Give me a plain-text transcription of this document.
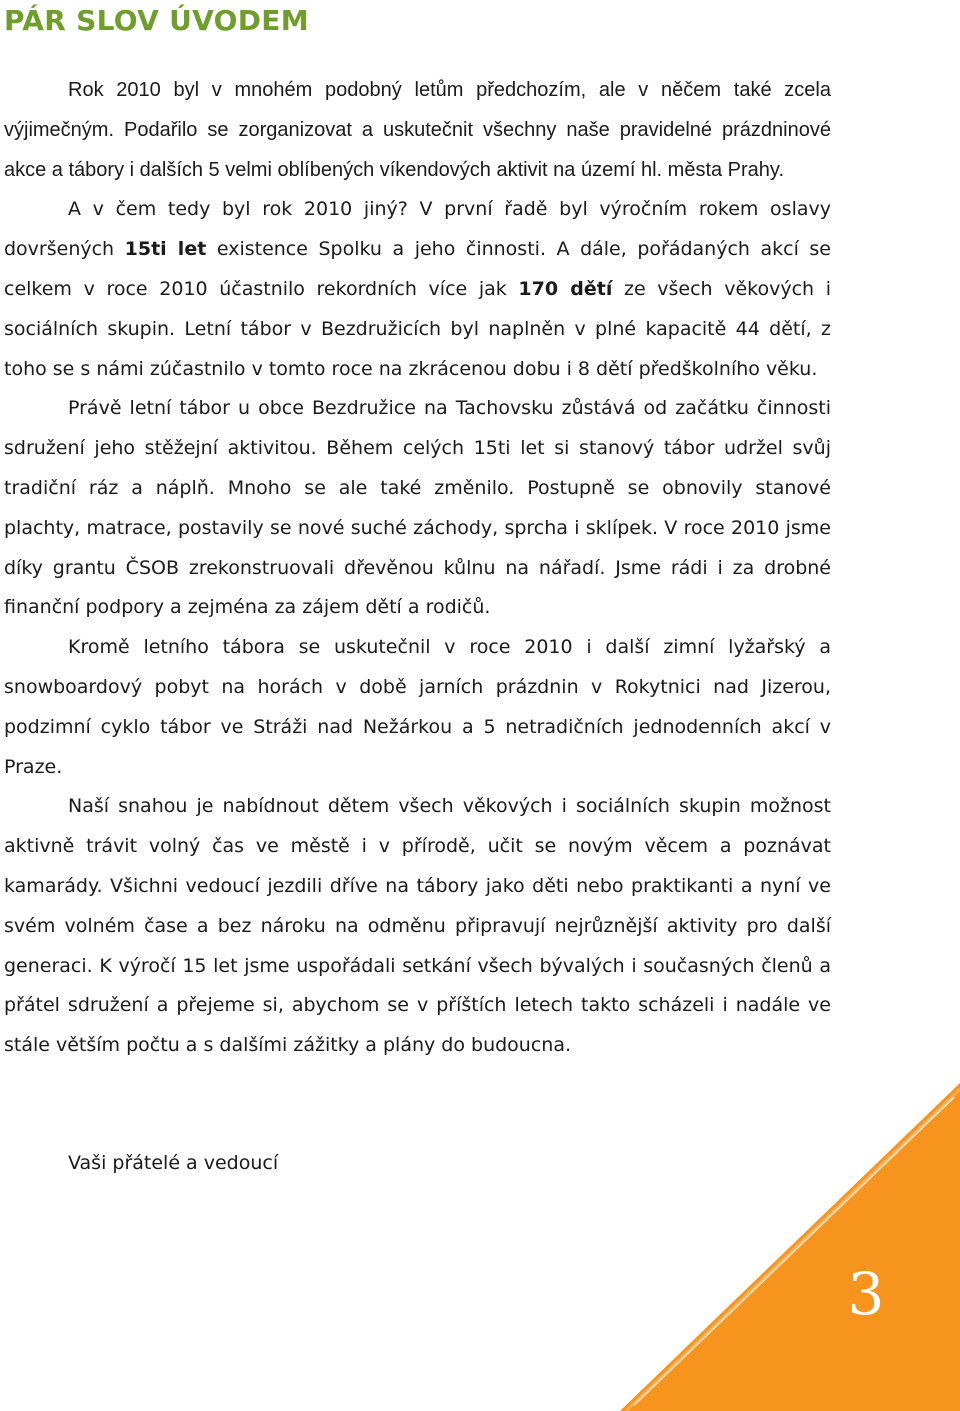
PÁR SLOV ÚVODEM

Rok 2010 byl v mnohém podobný letům předchozím, ale v něčem také zcela výjimečným. Podařilo se zorganizovat a uskutečnit všechny naše pravidelné prázdninové akce a tábory i dalších 5 velmi oblíbených víkendových aktivit na území hl. města Prahy.

A v čem tedy byl rok 2010 jiný? V první řadě byl výročním rokem oslavy dovršených 15ti let existence Spolku a jeho činnosti. A dále, pořádaných akcí se celkem v roce 2010 účastnilo rekordních více jak 170 dětí ze všech věkových i sociálních skupin. Letní tábor v Bezdružicích byl naplněn v plné kapacitě 44 dětí, z toho se s námi zúčastnilo v tomto roce na zkrácenou dobu i 8 dětí předškolního věku.

Právě letní tábor u obce Bezdružice na Tachovsku zůstává od začátku činnosti sdružení jeho stěžejní aktivitou. Během celých 15ti let si stanový tábor udržel svůj tradiční ráz a náplň. Mnoho se ale také změnilo. Postupně se obnovily stanové plachty, matrace, postavily se nové suché záchody, sprcha i sklípek. V roce 2010 jsme díky grantu ČSOB zrekonstruovali dřevěnou kůlnu na nářadí. Jsme rádi i za drobné finanční podpory a zejména za zájem dětí a rodičů.

Kromě letního tábora se uskutečnil v roce 2010 i další zimní lyžařský a snowboardový pobyt na horách v době jarních prázdnin v Rokytnici nad Jizerou, podzimní cyklo tábor ve Stráži nad Nežárkou a 5 netradičních jednodenních akcí v Praze.

Naší snahou je nabídnout dětem všech věkových i sociálních skupin možnost aktivně trávit volný čas ve městě i v přírodě, učit se novým věcem a poznávat kamarády. Všichni vedoucí jezdili dříve na tábory jako děti nebo praktikanti a nyní ve svém volném čase a bez nároku na odměnu připravují nejrůznější aktivity pro další generaci. K výročí 15 let jsme uspořádali setkání všech bývalých i současných členů a přátel sdružení a přejeme si, abychom se v příštích letech takto scházeli i nadále ve stále větším počtu a s dalšími zážitky a plány do budoucna.

Vaši přátelé a vedoucí
3
